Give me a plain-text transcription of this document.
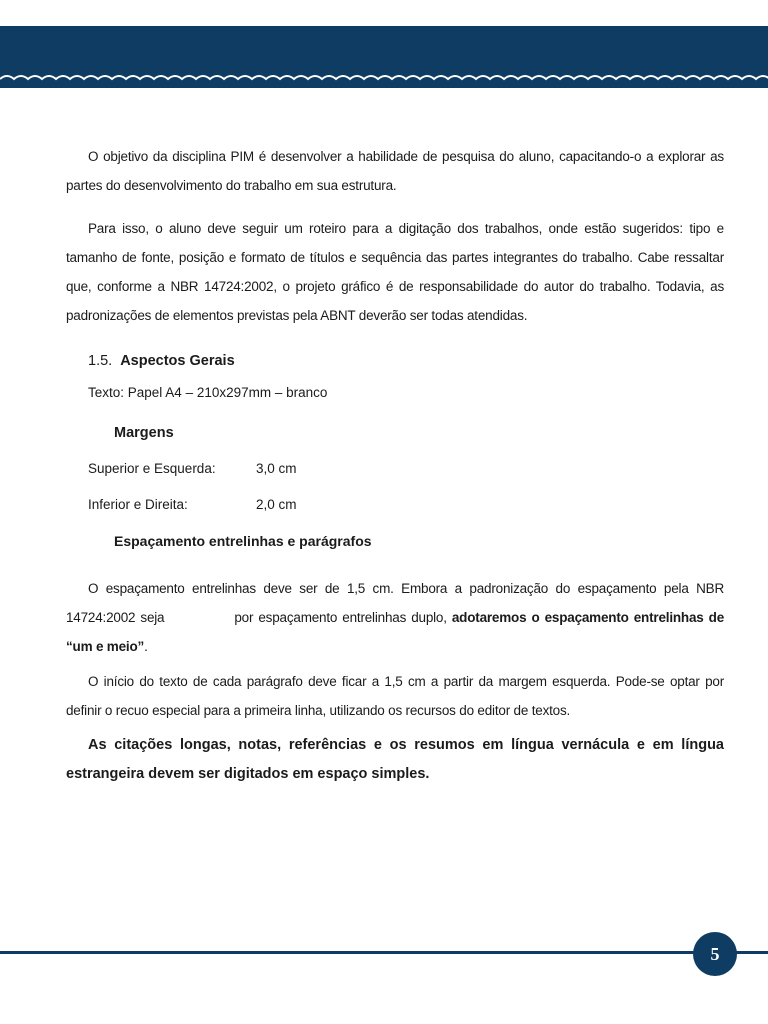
O objetivo da disciplina PIM é desenvolver a habilidade de pesquisa do aluno, capacitando-o a explorar as partes do desenvolvimento do trabalho em sua estrutura.

Para isso, o aluno deve seguir um roteiro para a digitação dos trabalhos, onde estão sugeridos: tipo e tamanho de fonte, posição e formato de títulos e sequência das partes integrantes do trabalho. Cabe ressaltar que, conforme a NBR 14724:2002, o projeto gráfico é de responsabilidade do autor do trabalho. Todavia, as padronizações de elementos previstas pela ABNT deverão ser todas atendidas.

1.5. Aspectos Gerais
Texto: Papel A4 – 210x297mm – branco
Margens
Superior e Esquerda:	3,0 cm
Inferior e Direita:	2,0 cm
Espaçamento entrelinhas e parágrafos

O espaçamento entrelinhas deve ser de 1,5 cm. Embora a padronização do espaçamento pela NBR 14724:2002 seja	por espaçamento entrelinhas duplo, adotaremos o espaçamento entrelinhas de “um e meio”.

O início do texto de cada parágrafo deve ficar a 1,5 cm a partir da margem esquerda. Pode-se optar por definir o recuo especial para a primeira linha, utilizando os recursos do editor de textos.

As citações longas, notas, referências e os resumos em língua vernácula e em língua estrangeira devem ser digitados em espaço simples.

5
